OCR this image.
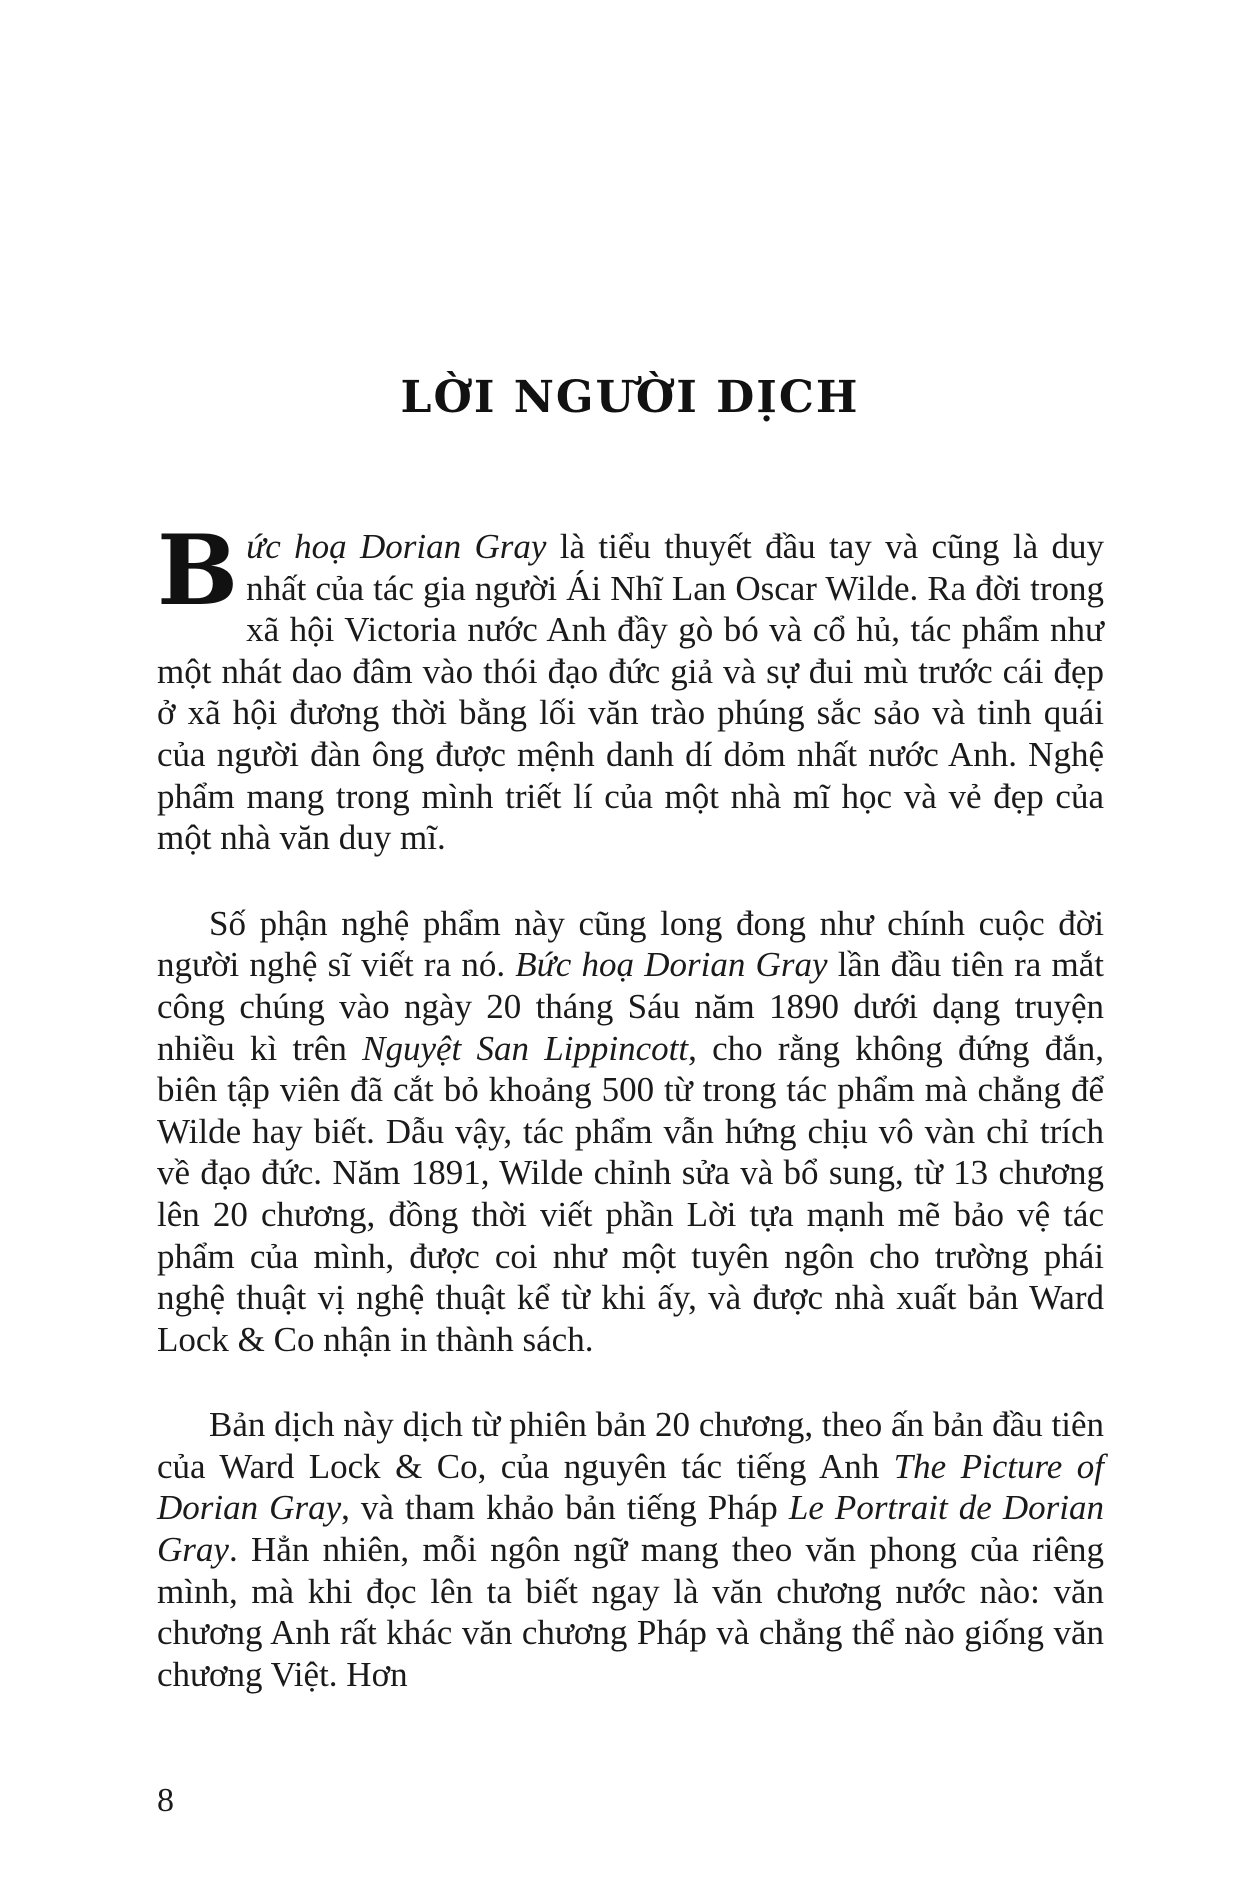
LỜI NGƯỜI DỊCH

Bức hoạ Dorian Gray là tiểu thuyết đầu tay và cũng là duy nhất của tác gia người Ái Nhĩ Lan Oscar Wilde. Ra đời trong xã hội Victoria nước Anh đầy gò bó và cổ hủ, tác phẩm như một nhát dao đâm vào thói đạo đức giả và sự đui mù trước cái đẹp ở xã hội đương thời bằng lối văn trào phúng sắc sảo và tinh quái của người đàn ông được mệnh danh dí dỏm nhất nước Anh. Nghệ phẩm mang trong mình triết lí của một nhà mĩ học và vẻ đẹp của một nhà văn duy mĩ.

Số phận nghệ phẩm này cũng long đong như chính cuộc đời người nghệ sĩ viết ra nó. Bức hoạ Dorian Gray lần đầu tiên ra mắt công chúng vào ngày 20 tháng Sáu năm 1890 dưới dạng truyện nhiều kì trên Nguyệt San Lippincott, cho rằng không đứng đắn, biên tập viên đã cắt bỏ khoảng 500 từ trong tác phẩm mà chẳng để Wilde hay biết. Dẫu vậy, tác phẩm vẫn hứng chịu vô vàn chỉ trích về đạo đức. Năm 1891, Wilde chỉnh sửa và bổ sung, từ 13 chương lên 20 chương, đồng thời viết phần Lời tựa mạnh mẽ bảo vệ tác phẩm của mình, được coi như một tuyên ngôn cho trường phái nghệ thuật vị nghệ thuật kể từ khi ấy, và được nhà xuất bản Ward Lock & Co nhận in thành sách.

Bản dịch này dịch từ phiên bản 20 chương, theo ấn bản đầu tiên của Ward Lock & Co, của nguyên tác tiếng Anh The Picture of Dorian Gray, và tham khảo bản tiếng Pháp Le Portrait de Dorian Gray. Hẳn nhiên, mỗi ngôn ngữ mang theo văn phong của riêng mình, mà khi đọc lên ta biết ngay là văn chương nước nào: văn chương Anh rất khác văn chương Pháp và chẳng thể nào giống văn chương Việt. Hơn

8
